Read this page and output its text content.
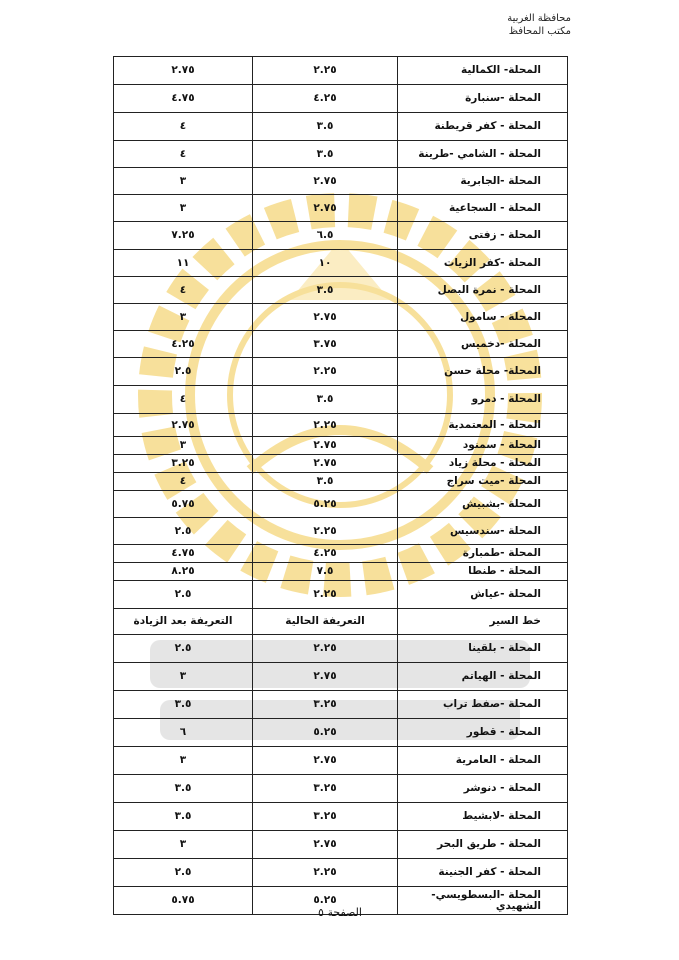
محافظة الغربية
مكتب المحافظ
المحلة- الكمالية	٢.٢٥	٢.٧٥
المحلة -سنبارة	٤.٢٥	٤.٧٥
المحلة - كفر قريطنة	٣.٥	٤
المحلة - الشامي -طرينة	٣.٥	٤
المحلة -الجابرية	٢.٧٥	٣
المحلة - السجاعية	٢.٧٥	٣
المحلة - زفتى	٦.٥	٧.٢٥
المحلة -كفر الزيات	١٠	١١
المحلة - نمرة البصل	٣.٥	٤
المحلة - سامول	٢.٧٥	٣
المحلة -دخميس	٣.٧٥	٤.٢٥
المحلة- محلة حسن	٢.٢٥	٢.٥
المحلة - دمرو	٣.٥	٤
المحلة - المعتمدية	٢.٢٥	٢.٧٥
المحلة - سمنود	٢.٧٥	٣
المحلة - محلة زياد	٢.٧٥	٣.٢٥
المحلة -ميت سراج	٣.٥	٤
المحلة -بشبيش	٥.٢٥	٥.٧٥
المحلة -سندسيس	٢.٢٥	٢.٥
المحلة -طمبارة	٤.٢٥	٤.٧٥
المحلة - طنطا	٧.٥	٨.٢٥
المحلة -عياش	٢.٢٥	٢.٥
خط السير	التعريفة الحالية	التعريفة بعد الزيادة
المحلة - بلقينا	٢.٢٥	٢.٥
المحلة - الهياتم	٢.٧٥	٣
المحلة -صفط تراب	٣.٢٥	٣.٥
المحلة - قطور	٥.٢٥	٦
المحلة - العامرية	٢.٧٥	٣
المحلة - دنوشر	٣.٢٥	٣.٥
المحلة -لابشيط	٣.٢٥	٣.٥
المحلة - طريق البحر	٢.٧٥	٣
المحلة - كفر الجنينة	٢.٢٥	٢.٥
المحلة -البسطويسي- الشهيدي	٥.٢٥	٥.٧٥
الصفحة ٥
